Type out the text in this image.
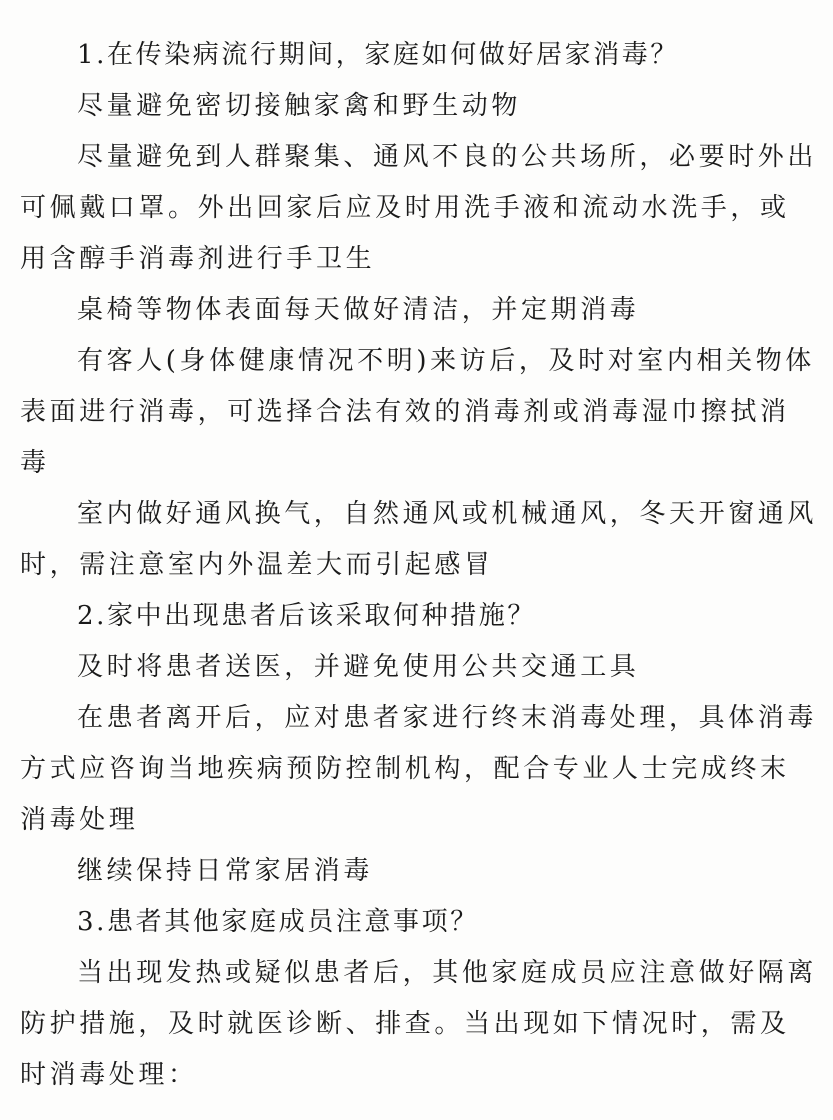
1.在传染病流行期间，家庭如何做好居家消毒？

尽量避免密切接触家禽和野生动物

尽量避免到人群聚集、通风不良的公共场所，必要时外出可佩戴口罩。外出回家后应及时用洗手液和流动水洗手，或用含醇手消毒剂进行手卫生

桌椅等物体表面每天做好清洁，并定期消毒

有客人(身体健康情况不明)来访后，及时对室内相关物体表面进行消毒，可选择合法有效的消毒剂或消毒湿巾擦拭消毒

室内做好通风换气，自然通风或机械通风，冬天开窗通风时，需注意室内外温差大而引起感冒

2.家中出现患者后该采取何种措施？

及时将患者送医，并避免使用公共交通工具

在患者离开后，应对患者家进行终末消毒处理，具体消毒方式应咨询当地疾病预防控制机构，配合专业人士完成终末消毒处理

继续保持日常家居消毒

3.患者其他家庭成员注意事项？

当出现发热或疑似患者后，其他家庭成员应注意做好隔离防护措施，及时就医诊断、排查。当出现如下情况时，需及时消毒处理：
